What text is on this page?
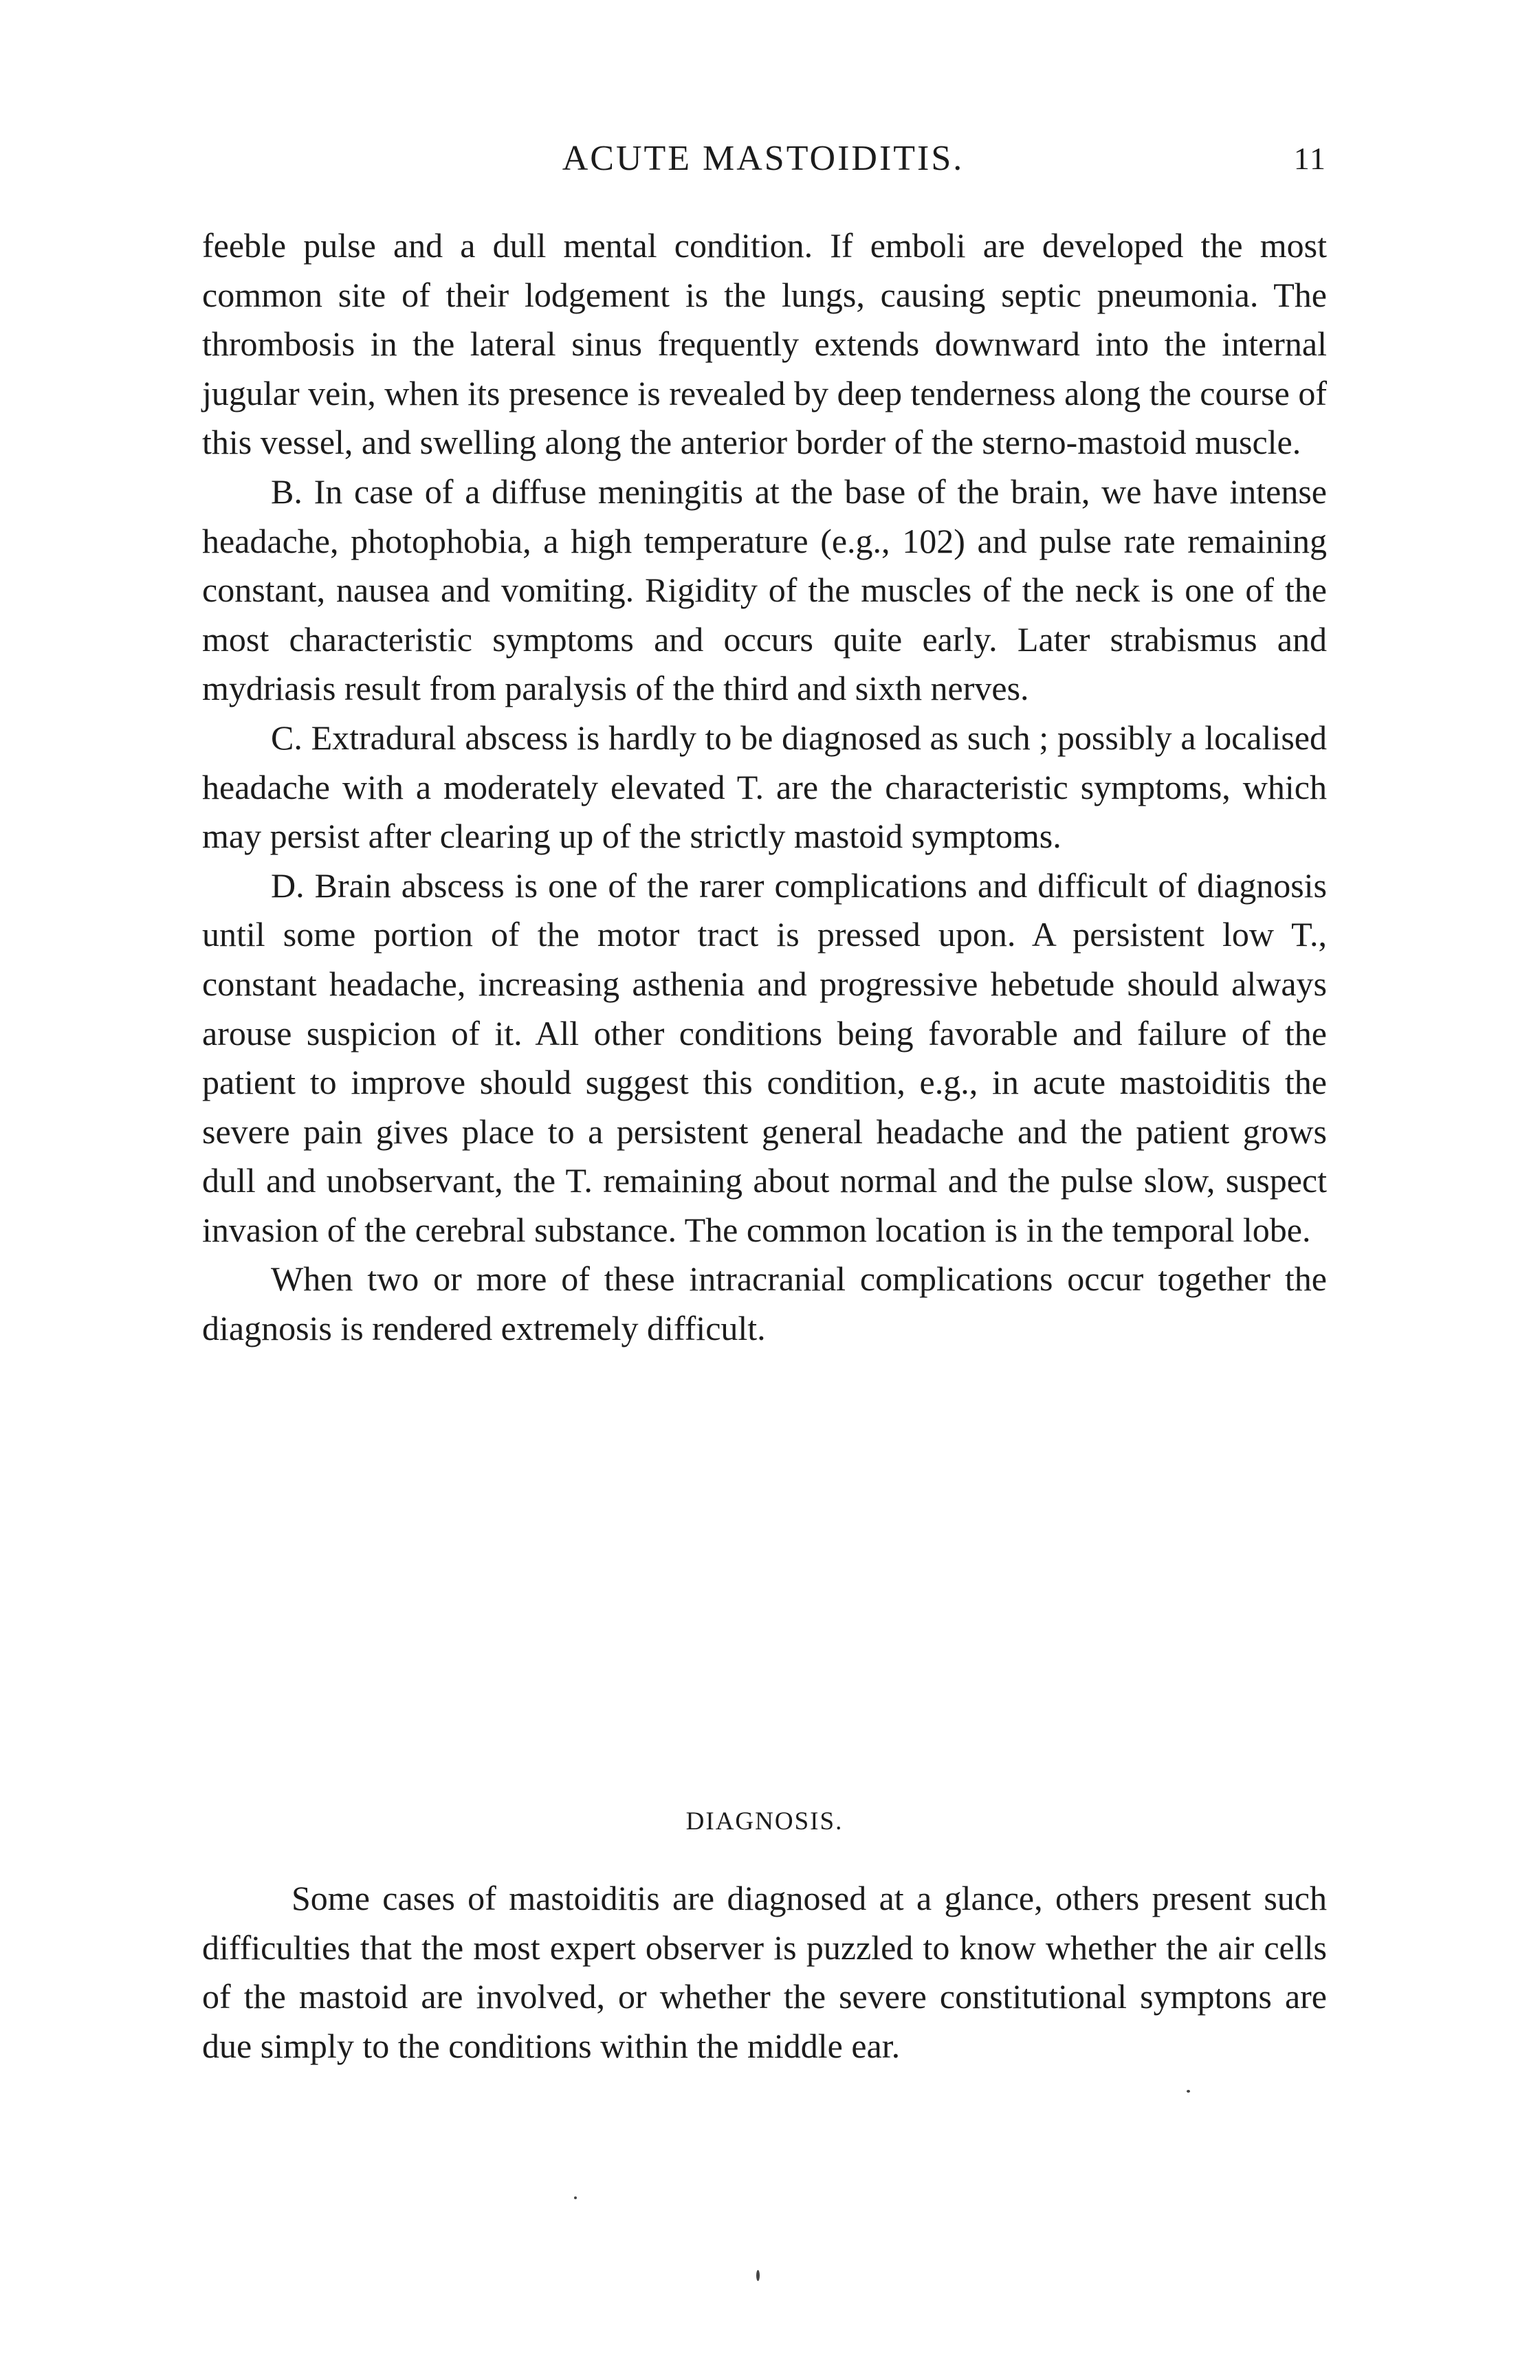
ACUTE MASTOIDITIS.	11

feeble pulse and a dull mental condition. If emboli are developed the most common site of their lodgement is the lungs, causing septic pneumonia. The thrombosis in the lateral sinus frequently extends downward into the internal jugular vein, when its presence is revealed by deep tenderness along the course of this vessel, and swelling along the anterior border of the sterno-mastoid muscle.

B. In case of a diffuse meningitis at the base of the brain, we have intense headache, photophobia, a high temperature (e.g., 102) and pulse rate remaining constant, nausea and vomiting. Rigidity of the muscles of the neck is one of the most characteristic symptoms and occurs quite early. Later strabismus and mydriasis result from paralysis of the third and sixth nerves.

C. Extradural abscess is hardly to be diagnosed as such ; possibly a localised headache with a moderately elevated T. are the characteristic symptoms, which may persist after clearing up of the strictly mastoid symptoms.

D. Brain abscess is one of the rarer complications and difficult of diagnosis until some portion of the motor tract is pressed upon. A persistent low T., constant headache, increasing asthenia and progressive hebetude should always arouse suspicion of it. All other conditions being favorable and failure of the patient to improve should suggest this condition, e.g., in acute mastoiditis the severe pain gives place to a persistent general headache and the patient grows dull and unobservant, the T. remaining about normal and the pulse slow, suspect invasion of the cerebral substance. The common location is in the temporal lobe.

When two or more of these intracranial complications occur together the diagnosis is rendered extremely difficult.

DIAGNOSIS.

Some cases of mastoiditis are diagnosed at a glance, others present such difficulties that the most expert observer is puzzled to know whether the air cells of the mastoid are involved, or whether the severe constitutional symptons are due simply to the conditions within the middle ear.
